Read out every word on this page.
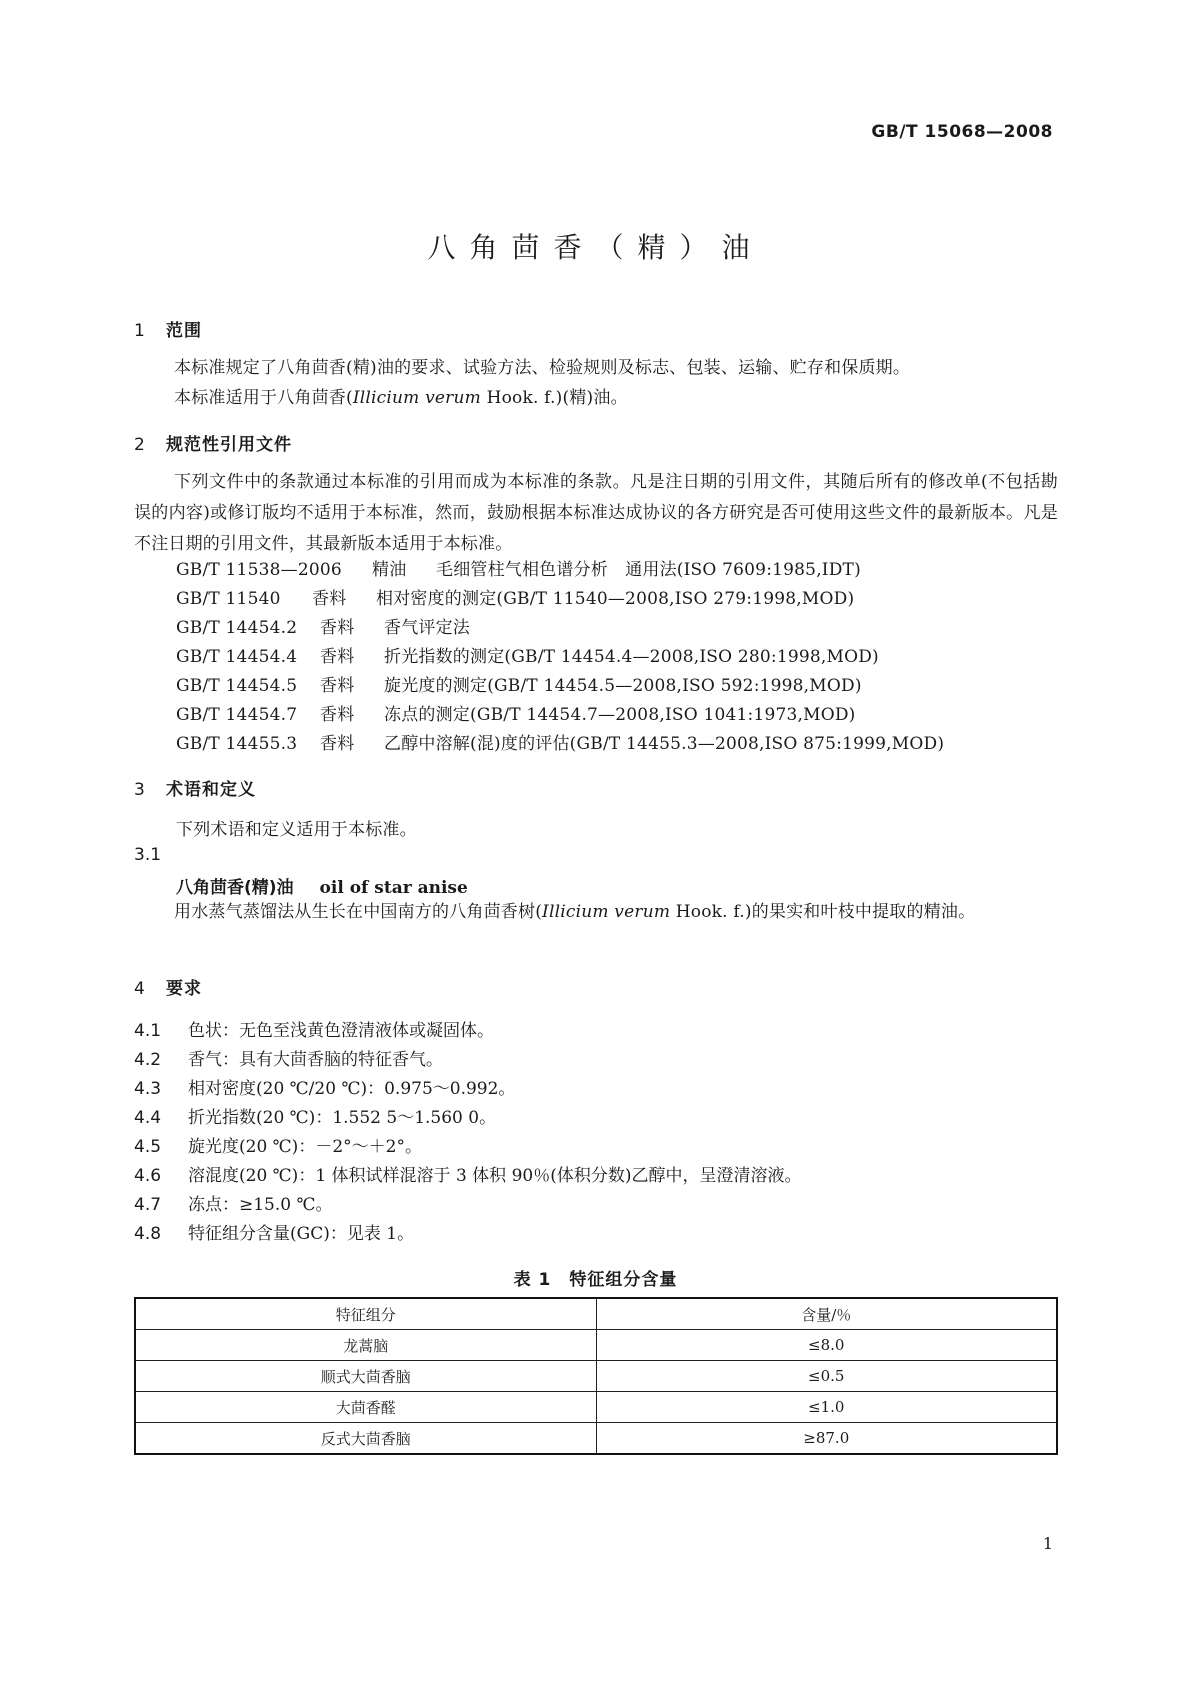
GB/T 15068—2008
八角茴香（精）油
1 范围
本标准规定了八角茴香(精)油的要求、试验方法、检验规则及标志、包装、运输、贮存和保质期。
本标准适用于八角茴香(Illicium verum Hook. f.)(精)油。
2 规范性引用文件
下列文件中的条款通过本标准的引用而成为本标准的条款。凡是注日期的引用文件，其随后所有的修改单(不包括勘误的内容)或修订版均不适用于本标准，然而，鼓励根据本标准达成协议的各方研究是否可使用这些文件的最新版本。凡是不注日期的引用文件，其最新版本适用于本标准。
GB/T 11538—2006 精油 毛细管柱气相色谱分析　通用法(ISO 7609:1985,IDT)
GB/T 11540 香料 相对密度的测定(GB/T 11540—2008,ISO 279:1998,MOD)
GB/T 14454.2 香料 香气评定法
GB/T 14454.4 香料 折光指数的测定(GB/T 14454.4—2008,ISO 280:1998,MOD)
GB/T 14454.5 香料 旋光度的测定(GB/T 14454.5—2008,ISO 592:1998,MOD)
GB/T 14454.7 香料 冻点的测定(GB/T 14454.7—2008,ISO 1041:1973,MOD)
GB/T 14455.3 香料 乙醇中溶解(混)度的评估(GB/T 14455.3—2008,ISO 875:1999,MOD)
3 术语和定义
下列术语和定义适用于本标准。
3.1
八角茴香(精)油 oil of star anise
用水蒸气蒸馏法从生长在中国南方的八角茴香树(Illicium verum Hook. f.)的果实和叶枝中提取的精油。
4 要求
4.1 色状：无色至浅黄色澄清液体或凝固体。
4.2 香气：具有大茴香脑的特征香气。
4.3 相对密度(20 ℃/20 ℃)：0.975～0.992。
4.4 折光指数(20 ℃)：1.552 5～1.560 0。
4.5 旋光度(20 ℃)：－2°～＋2°。
4.6 溶混度(20 ℃)：1 体积试样混溶于 3 体积 90％(体积分数)乙醇中，呈澄清溶液。
4.7 冻点：≥15.0 ℃。
4.8 特征组分含量(GC)：见表 1。
表 1　特征组分含量
特征组分	含量/％
龙蒿脑	≤8.0
顺式大茴香脑	≤0.5
大茴香醛	≤1.0
反式大茴香脑	≥87.0
1
